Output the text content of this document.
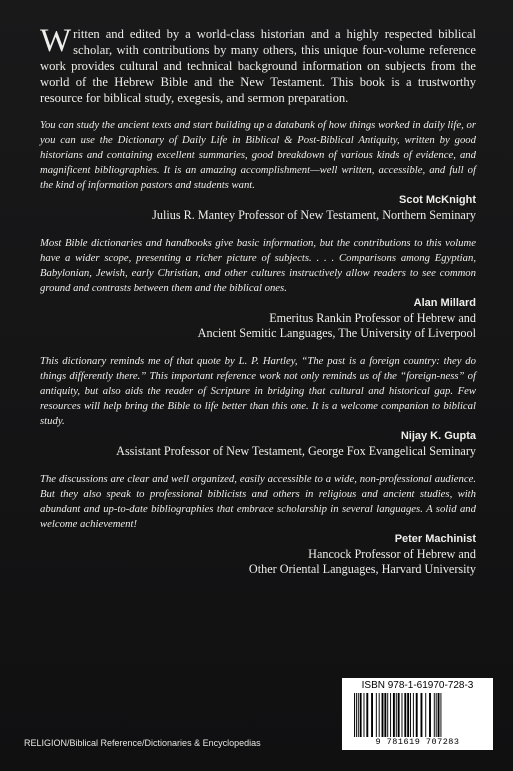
Written and edited by a world-class historian and a highly respected biblical scholar, with contributions by many others, this unique four-volume reference work provides cultural and technical background information on subjects from the world of the Hebrew Bible and the New Testament. This book is a trustworthy resource for biblical study, exegesis, and sermon preparation.

You can study the ancient texts and start building up a databank of how things worked in daily life, or you can use the Dictionary of Daily Life in Biblical & Post-Biblical Antiquity, written by good historians and containing excellent summaries, good breakdown of various kinds of evidence, and magnificent bibliographies. It is an amazing accomplishment—well written, accessible, and full of the kind of information pastors and students want.

Scot McKnight
Julius R. Mantey Professor of New Testament, Northern Seminary

Most Bible dictionaries and handbooks give basic information, but the contributions to this volume have a wider scope, presenting a richer picture of subjects. . . . Comparisons among Egyptian, Babylonian, Jewish, early Christian, and other cultures instructively allow readers to see common ground and contrasts between them and the biblical ones.

Alan Millard
Emeritus Rankin Professor of Hebrew and
Ancient Semitic Languages, The University of Liverpool

This dictionary reminds me of that quote by L. P. Hartley, “The past is a foreign country: they do things differently there.” This important reference work not only reminds us of the “foreign-ness” of antiquity, but also aids the reader of Scripture in bridging that cultural and historical gap. Few resources will help bring the Bible to life better than this one. It is a welcome companion to biblical study.

Nijay K. Gupta
Assistant Professor of New Testament, George Fox Evangelical Seminary

The discussions are clear and well organized, easily accessible to a wide, non-professional audience. But they also speak to professional biblicists and others in religious and ancient studies, with abundant and up-to-date bibliographies that embrace scholarship in several languages. A solid and welcome achievement!

Peter Machinist
Hancock Professor of Hebrew and
Other Oriental Languages, Harvard University
ISBN 978-1-61970-728-3
9 781619 707283
RELIGION/Biblical Reference/Dictionaries & Encyclopedias
